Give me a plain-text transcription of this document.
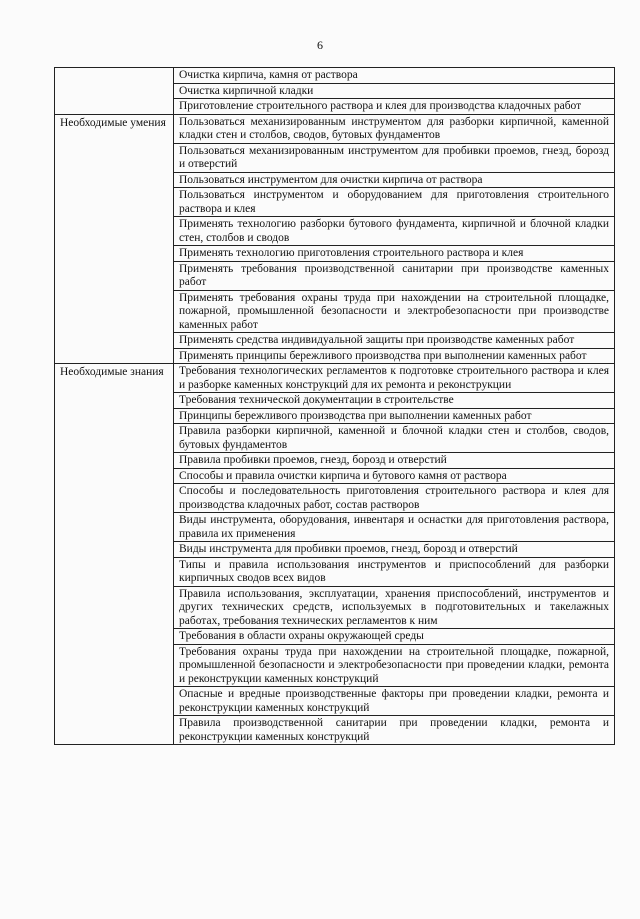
6

	Очистка кирпича, камня от раствора

	Очистка кирпичной кладки

	Приготовление строительного раствора и клея для производства кладочных работ

Необходимые умения	Пользоваться механизированным инструментом для разборки кирпичной, каменной кладки стен и столбов, сводов, бутовых фундаментов

	Пользоваться механизированным инструментом для пробивки проемов, гнезд, борозд и отверстий

	Пользоваться инструментом для очистки кирпича от раствора

	Пользоваться инструментом и оборудованием для приготовления строительного раствора и клея

	Применять технологию разборки бутового фундамента, кирпичной и блочной кладки стен, столбов и сводов

	Применять технологию приготовления строительного раствора и клея

	Применять требования производственной санитарии при производстве каменных работ

	Применять требования охраны труда при нахождении на строительной площадке, пожарной, промышленной безопасности и электробезопасности при производстве каменных работ

	Применять средства индивидуальной защиты при производстве каменных работ

	Применять принципы бережливого производства при выполнении каменных работ

Необходимые знания	Требования технологических регламентов к подготовке строительного раствора и клея и разборке каменных конструкций для их ремонта и реконструкции

	Требования технической документации в строительстве

	Принципы бережливого производства при выполнении каменных работ

	Правила разборки кирпичной, каменной и блочной кладки стен и столбов, сводов, бутовых фундаментов

	Правила пробивки проемов, гнезд, борозд и отверстий

	Способы и правила очистки кирпича и бутового камня от раствора

	Способы и последовательность приготовления строительного раствора и клея для производства кладочных работ, состав растворов

	Виды инструмента, оборудования, инвентаря и оснастки для приготовления раствора, правила их применения

	Виды инструмента для пробивки проемов, гнезд, борозд и отверстий

	Типы и правила использования инструментов и приспособлений для разборки кирпичных сводов всех видов

	Правила использования, эксплуатации, хранения приспособлений, инструментов и других технических средств, используемых в подготовительных и такелажных работах, требования технических регламентов к ним

	Требования в области охраны окружающей среды

	Требования охраны труда при нахождении на строительной площадке, пожарной, промышленной безопасности и электробезопасности при проведении кладки, ремонта и реконструкции каменных конструкций

	Опасные и вредные производственные факторы при проведении кладки, ремонта и реконструкции каменных конструкций

	Правила производственной санитарии при проведении кладки, ремонта и реконструкции каменных конструкций
